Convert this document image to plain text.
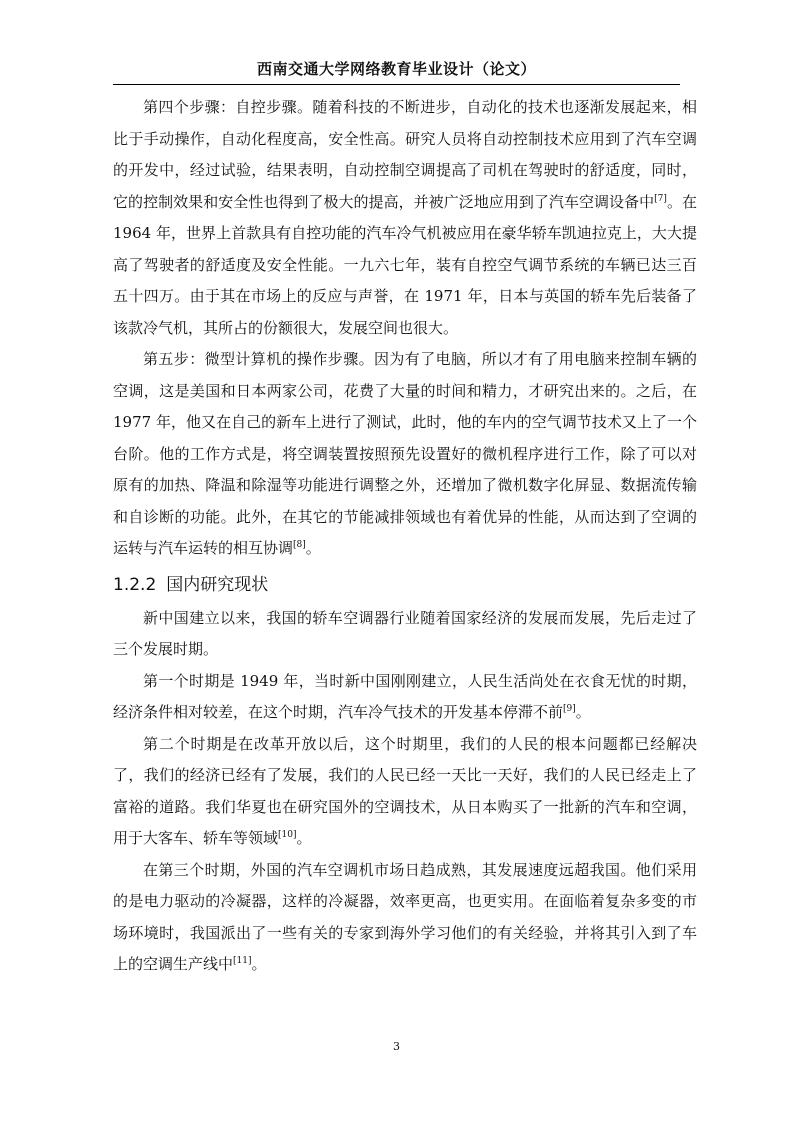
西南交通大学网络教育毕业设计（论文）

第四个步骤：自控步骤。随着科技的不断进步，自动化的技术也逐渐发展起来，相比于手动操作，自动化程度高，安全性高。研究人员将自动控制技术应用到了汽车空调的开发中，经过试验，结果表明，自动控制空调提高了司机在驾驶时的舒适度，同时，它的控制效果和安全性也得到了极大的提高，并被广泛地应用到了汽车空调设备中[7]。在 1964 年，世界上首款具有自控功能的汽车冷气机被应用在豪华轿车凯迪拉克上，大大提高了驾驶者的舒适度及安全性能。一九六七年，装有自控空气调节系统的车辆已达三百五十四万。由于其在市场上的反应与声誉，在 1971 年，日本与英国的轿车先后装备了该款冷气机，其所占的份额很大，发展空间也很大。

第五步：微型计算机的操作步骤。因为有了电脑，所以才有了用电脑来控制车辆的空调，这是美国和日本两家公司，花费了大量的时间和精力，才研究出来的。之后，在 1977 年，他又在自己的新车上进行了测试，此时，他的车内的空气调节技术又上了一个台阶。他的工作方式是，将空调装置按照预先设置好的微机程序进行工作，除了可以对原有的加热、降温和除湿等功能进行调整之外，还增加了微机数字化屏显、数据流传输和自诊断的功能。此外，在其它的节能减排领域也有着优异的性能，从而达到了空调的运转与汽车运转的相互协调[8]。

1.2.2 国内研究现状

新中国建立以来，我国的轿车空调器行业随着国家经济的发展而发展，先后走过了三个发展时期。

第一个时期是 1949 年，当时新中国刚刚建立，人民生活尚处在衣食无忧的时期，经济条件相对较差，在这个时期，汽车冷气技术的开发基本停滞不前[9]。

第二个时期是在改革开放以后，这个时期里，我们的人民的根本问题都已经解决了，我们的经济已经有了发展，我们的人民已经一天比一天好，我们的人民已经走上了富裕的道路。我们华夏也在研究国外的空调技术，从日本购买了一批新的汽车和空调，用于大客车、轿车等领域[10]。

在第三个时期，外国的汽车空调机市场日趋成熟，其发展速度远超我国。他们采用的是电力驱动的冷凝器，这样的冷凝器，效率更高，也更实用。在面临着复杂多变的市场环境时，我国派出了一些有关的专家到海外学习他们的有关经验，并将其引入到了车上的空调生产线中[11]。

3
